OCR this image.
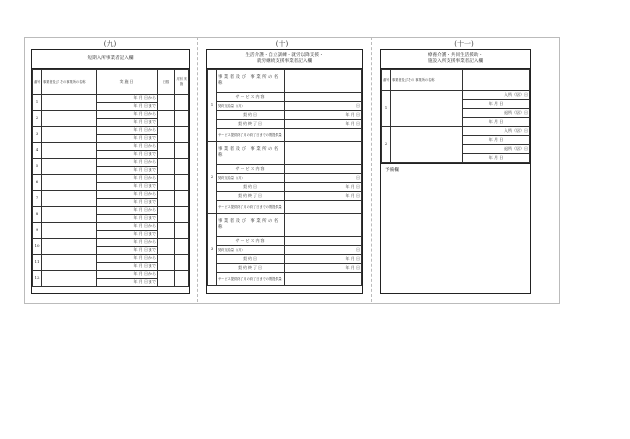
(九)	(十)	(十一)
短期入所事業者記入欄
番号	事業者及び その事業所の名称	実施日	日数	月別 実施
1		年 月 日から		
		年 月 日まで		
2		年 月 日から		
		年 月 日まで		
3		年 月 日から		
		年 月 日まで		
4		年 月 日から		
		年 月 日まで		
5		年 月 日から		
		年 月 日まで		
6		年 月 日から		
		年 月 日まで		
7		年 月 日から		
		年 月 日まで		
8		年 月 日から		
		年 月 日まで		
9		年 月 日から		
		年 月 日まで		
10		年 月 日から		
		年 月 日まで		
11		年 月 日から		
		年 月 日まで		
12		年 月 日から		
		年 月 日まで		
生活介護・自立訓練・就労以降支援・
就労継続支援事業者記入欄
1	事業者及び 事業所の名称	
	サービス内容	
	契約支給量（/月）	日
	契約日	年 月 日
	契約終了日	年 月 日
	サービス提供終了月の終了日までの既提供量	
2	事業者及び 事業所の名称	
	サービス内容	
	契約支給量（/月）	日
	契約日	年 月 日
	契約終了日	年 月 日
	サービス提供終了月の終了日までの既提供量	
3	事業者及び 事業所の名称	
	サービス内容	
	契約支給量（/月）	日
	契約日	年 月 日
	契約終了日	年 月 日
	サービス提供終了月の終了日までの既提供量	
療養介護・共同生活援助・
施設入所支援事業者記入欄
番号	事業者及びその 事業所の名称	
1		入所（居）日
		年 月 日
		退所（居）日
		年 月 日
2		入所（居）日
		年 月 日
		退所（居）日
		年 月 日
予備欄
